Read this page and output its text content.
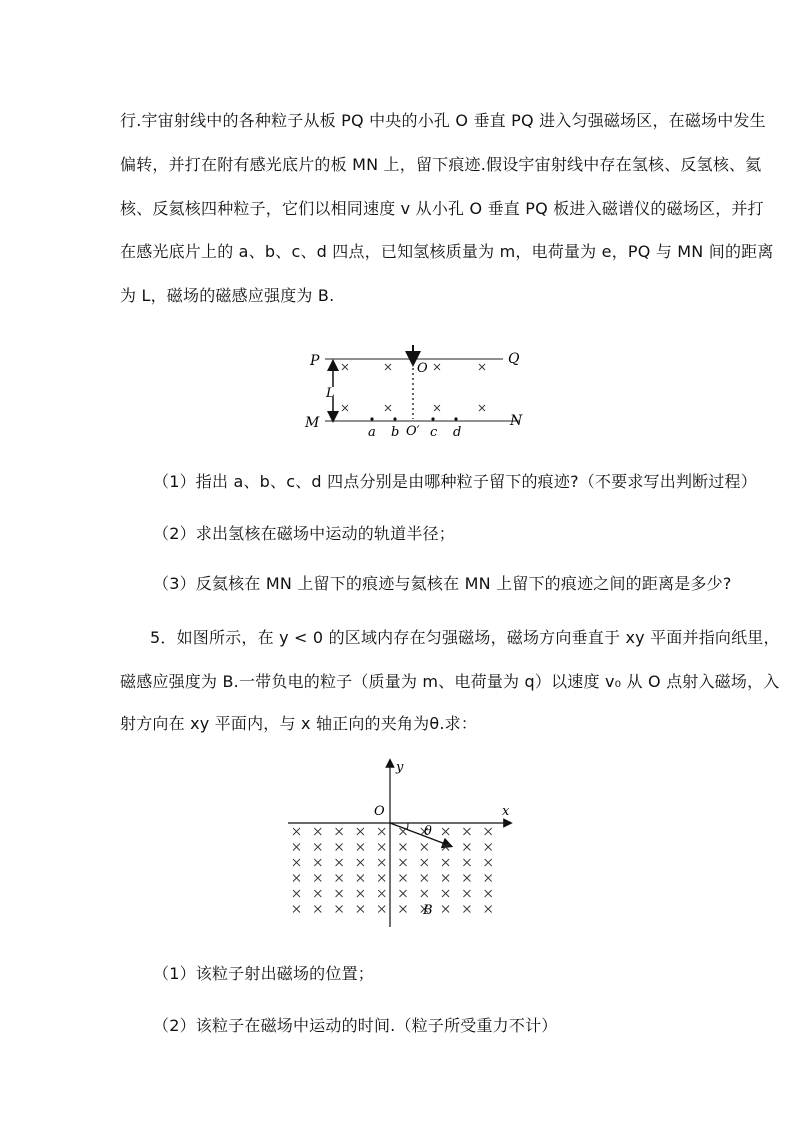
行.宇宙射线中的各种粒子从板 PQ 中央的小孔 O 垂直 PQ 进入匀强磁场区，在磁场中发生
偏转，并打在附有感光底片的板 MN 上，留下痕迹.假设宇宙射线中存在氢核、反氢核、氦
核、反氦核四种粒子，它们以相同速度 v 从小孔 O 垂直 PQ 板进入磁谱仪的磁场区，并打
在感光底片上的 a、b、c、d 四点，已知氢核质量为 m，电荷量为 e，PQ 与 MN 间的距离
为 L，磁场的磁感应强度为 B.
P	Q
M	N
L
O
O′
a b c d
（1）指出 a、b、c、d 四点分别是由哪种粒子留下的痕迹?（不要求写出判断过程）
（2）求出氢核在磁场中运动的轨道半径；
（3）反氦核在 MN 上留下的痕迹与氦核在 MN 上留下的痕迹之间的距离是多少?
5．如图所示，在 y < 0 的区域内存在匀强磁场，磁场方向垂直于 xy 平面并指向纸里，
磁感应强度为 B.一带负电的粒子（质量为 m、电荷量为 q）以速度 v₀ 从 O 点射入磁场，入
射方向在 xy 平面内，与 x 轴正向的夹角为θ.求：
y
x
O
θ
B
（1）该粒子射出磁场的位置；
（2）该粒子在磁场中运动的时间.（粒子所受重力不计）
